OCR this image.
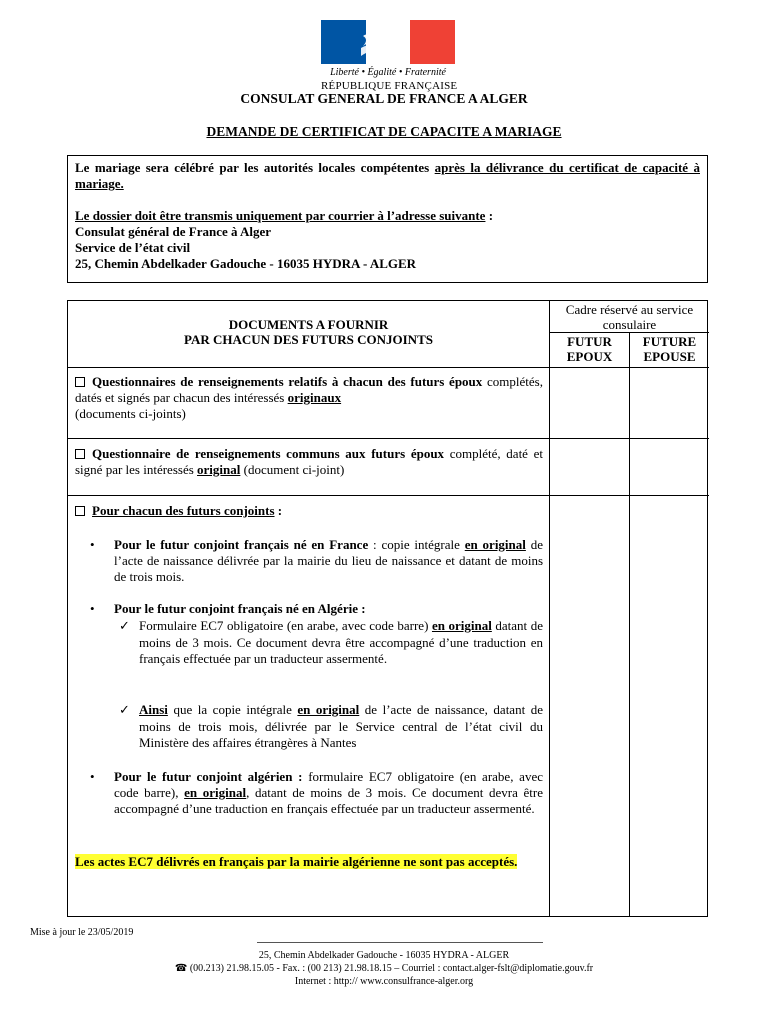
Liberté • Égalité • Fraternité
RÉPUBLIQUE FRANÇAISE
CONSULAT GENERAL DE FRANCE A ALGER
DEMANDE DE CERTIFICAT DE CAPACITE A MARIAGE

Le mariage sera célébré par les autorités locales compétentes après la délivrance du certificat de capacité à mariage.

Le dossier doit être transmis uniquement par courrier à l’adresse suivante :

Consulat général de France à Alger

Service de l’état civil

25, Chemin Abdelkader Gadouche - 16035 HYDRA - ALGER

DOCUMENTS A FOURNIR
PAR CHACUN DES FUTURS CONJOINTS
Cadre réservé au service
consulaire
FUTUR
EPOUX
FUTURE
EPOUSE
Questionnaires de renseignements relatifs à chacun des futurs époux complétés, datés et signés par chacun des intéressés originaux
(documents ci-joints)
Questionnaire de renseignements communs aux futurs époux complété, daté et signé par les intéressés original (document ci-joint)
Pour chacun des futurs conjoints :
• Pour le futur conjoint français né en France : copie intégrale en original de l’acte de naissance délivrée par la mairie du lieu de naissance et datant de moins de trois mois.
• Pour le futur conjoint français né en Algérie :
✓ Formulaire EC7 obligatoire (en arabe, avec code barre) en original datant de moins de 3 mois. Ce document devra être accompagné d’une traduction en français effectuée par un traducteur assermenté.
✓ Ainsi que la copie intégrale en original de l’acte de naissance, datant de moins de trois mois, délivrée par le Service central de l’état civil du Ministère des affaires étrangères à Nantes
• Pour le futur conjoint algérien : formulaire EC7 obligatoire (en arabe, avec code barre), en original, datant de moins de 3 mois. Ce document devra être accompagné d’une traduction en français effectuée par un traducteur assermenté.
Les actes EC7 délivrés en français par la mairie algérienne ne sont pas acceptés.
Mise à jour le 23/05/2019
25, Chemin Abdelkader Gadouche - 16035 HYDRA - ALGER
☎ (00.213) 21.98.15.05 - Fax. : (00 213) 21.98.18.15 – Courriel : contact.alger-fslt@diplomatie.gouv.fr
Internet : http:// www.consulfrance-alger.org
